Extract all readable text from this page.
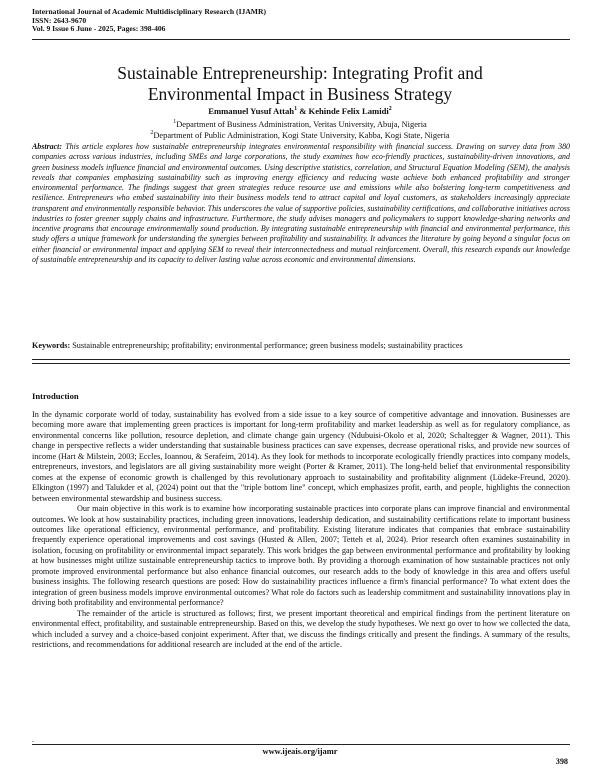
International Journal of Academic Multidisciplinary Research (IJAMR)
ISSN: 2643-9670
Vol. 9 Issue 6 June - 2025, Pages: 398-406
Sustainable Entrepreneurship: Integrating Profit and
Environmental Impact in Business Strategy
Emmanuel Yusuf Attah$^1$ & Kehinde Felix Lamidi$^2$
$^1$Department of Business Administration, Veritas University, Abuja, Nigeria
$^2$Department of Public Administration, Kogi State University, Kabba, Kogi State, Nigeria
Abstract: This article explores how sustainable entrepreneurship integrates environmental responsibility with financial success. Drawing on survey data from 380 companies across various industries, including SMEs and large corporations, the study examines how eco-friendly practices, sustainability-driven innovations, and green business models influence financial and environmental outcomes. Using descriptive statistics, correlation, and Structural Equation Modeling (SEM), the analysis reveals that companies emphasizing sustainability such as improving energy efficiency and reducing waste achieve both enhanced profitability and stronger environmental performance. The findings suggest that green strategies reduce resource use and emissions while also bolstering long-term competitiveness and resilience. Entrepreneurs who embed sustainability into their business models tend to attract capital and loyal customers, as stakeholders increasingly appreciate transparent and environmentally responsible behavior. This underscores the value of supportive policies, sustainability certifications, and collaborative initiatives across industries to foster greener supply chains and infrastructure. Furthermore, the study advises managers and policymakers to support knowledge-sharing networks and incentive programs that encourage environmentally sound production. By integrating sustainable entrepreneurship with financial and environmental performance, this study offers a unique framework for understanding the synergies between profitability and sustainability. It advances the literature by going beyond a singular focus on either financial or environmental impact and applying SEM to reveal their interconnectedness and mutual reinforcement. Overall, this research expands our knowledge of sustainable entrepreneurship and its capacity to deliver lasting value across economic and environmental dimensions.
Keywords: Sustainable entrepreneurship; profitability; environmental performance; green business models; sustainability practices
Introduction

In the dynamic corporate world of today, sustainability has evolved from a side issue to a key source of competitive advantage and innovation. Businesses are becoming more aware that implementing green practices is important for long-term profitability and market leadership as well as for regulatory compliance, as environmental concerns like pollution, resource depletion, and climate change gain urgency (Ndubuisi-Okolo et al, 2020; Schaltegger & Wagner, 2011). This change in perspective reflects a wider understanding that sustainable business practices can save expenses, decrease operational risks, and provide new sources of income (Hart & Milstein, 2003; Eccles, Ioannou, & Serafeim, 2014). As they look for methods to incorporate ecologically friendly practices into company models, entrepreneurs, investors, and legislators are all giving sustainability more weight (Porter & Kramer, 2011). The long-held belief that environmental responsibility comes at the expense of economic growth is challenged by this revolutionary approach to sustainability and profitability alignment (Lüdeke-Freund, 2020). Elkington (1997) and Talukder et al, (2024) point out that the "triple bottom line" concept, which emphasizes profit, earth, and people, highlights the connection between environmental stewardship and business success.

Our main objective in this work is to examine how incorporating sustainable practices into corporate plans can improve financial and environmental outcomes. We look at how sustainability practices, including green innovations, leadership dedication, and sustainability certifications relate to important business outcomes like operational efficiency, environmental performance, and profitability. Existing literature indicates that companies that embrace sustainability frequently experience operational improvements and cost savings (Husted & Allen, 2007; Tetteh et al, 2024). Prior research often examines sustainability in isolation, focusing on profitability or environmental impact separately. This work bridges the gap between environmental performance and profitability by looking at how businesses might utilize sustainable entrepreneurship tactics to improve both. By providing a thorough examination of how sustainable practices not only promote improved environmental performance but also enhance financial outcomes, our research adds to the body of knowledge in this area and offers useful business insights. The following research questions are posed: How do sustainability practices influence a firm's financial performance? To what extent does the integration of green business models improve environmental outcomes? What role do factors such as leadership commitment and sustainability innovations play in driving both profitability and environmental performance?

The remainder of the article is structured as follows; first, we present important theoretical and empirical findings from the pertinent literature on environmental effect, profitability, and sustainable entrepreneurship. Based on this, we develop the study hypotheses. We next go over to how we collected the data, which included a survey and a choice-based conjoint experiment. After that, we discuss the findings critically and present the findings. A summary of the results, restrictions, and recommendations for additional research are included at the end of the article.

.
www.ijeais.org/ijamr
398
